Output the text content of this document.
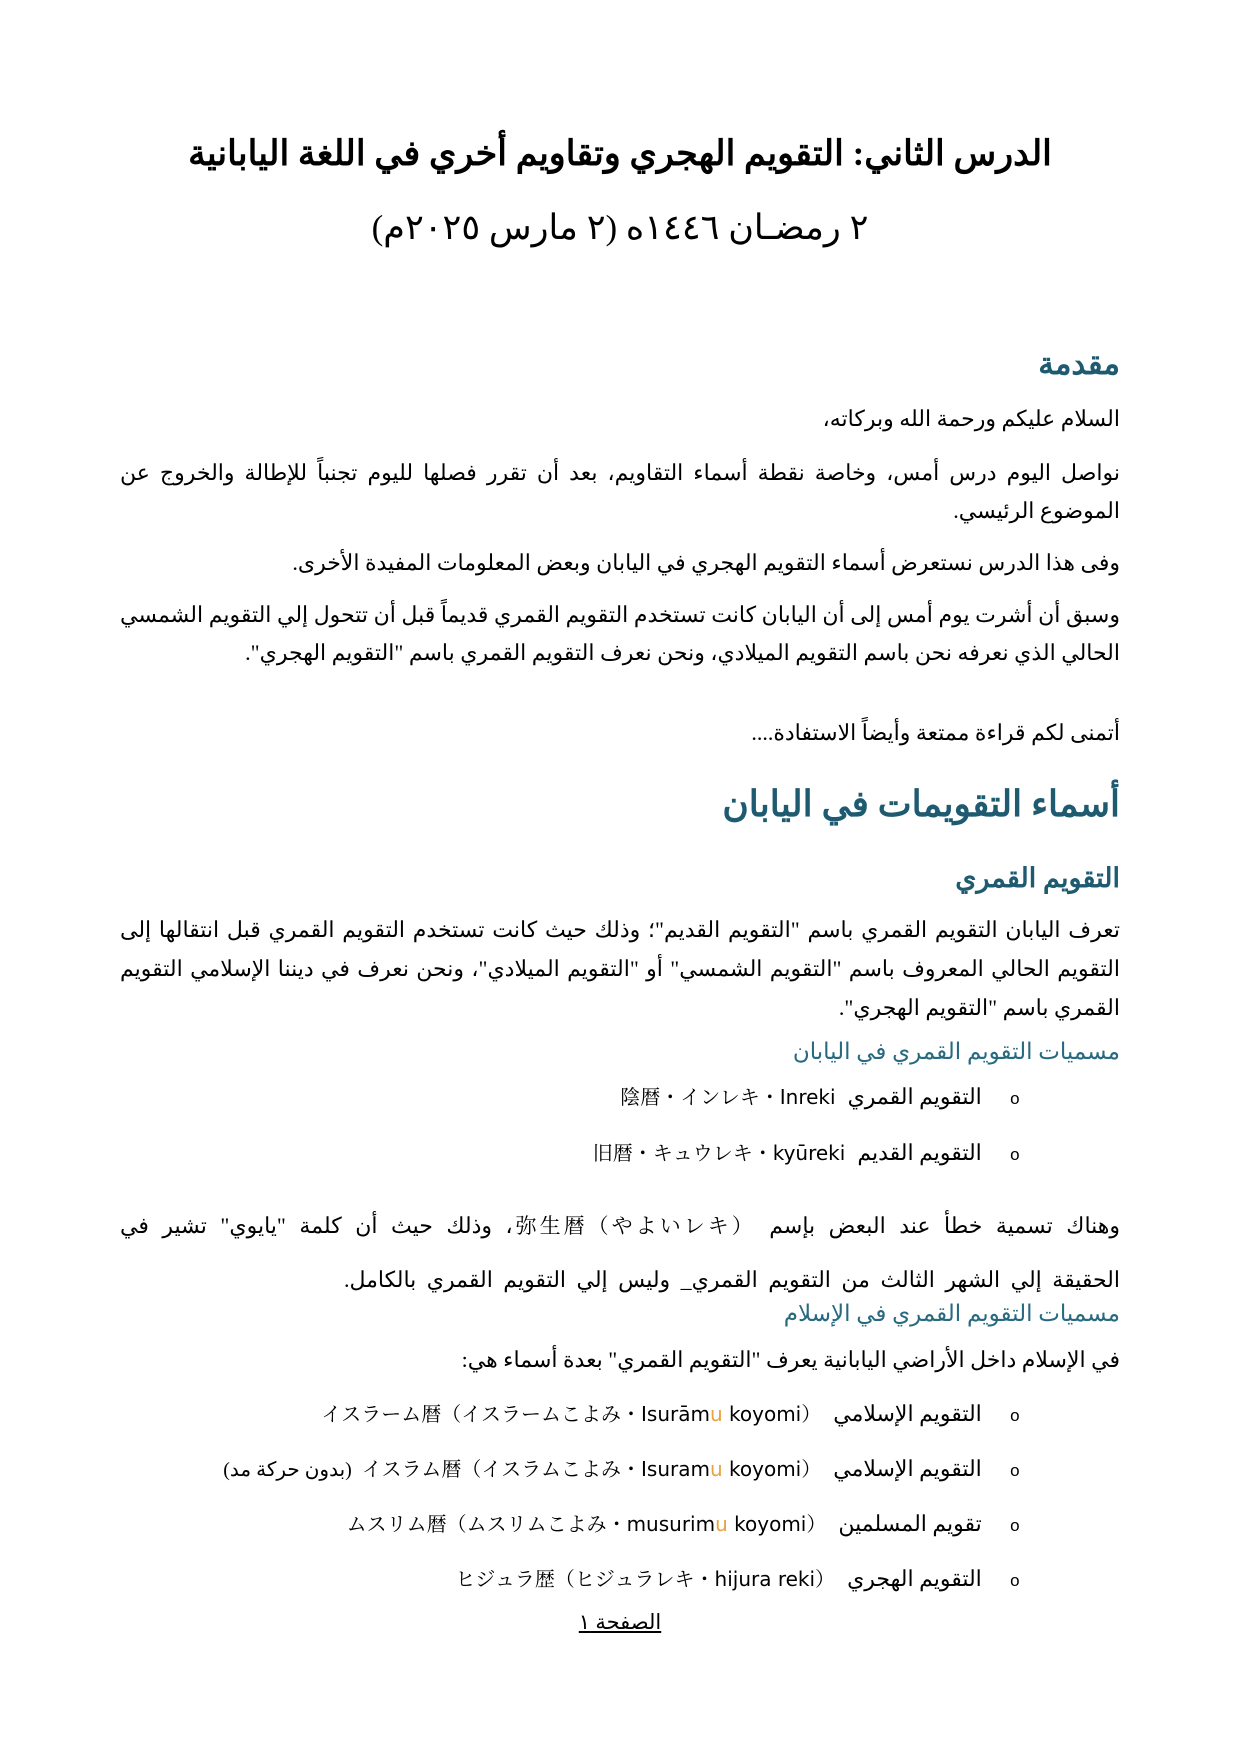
الدرس الثاني: التقويم الهجري وتقاويم أخري في اللغة اليابانية
٢ رمضـان ١٤٤٦ه (٢ مارس ٢٠٢٥م)
مقدمة

السلام عليكم ورحمة الله وبركاته،

نواصل اليوم درس أمس، وخاصة نقطة أسماء التقاويم، بعد أن تقرر فصلها لليوم تجنباً للإطالة والخروج عن الموضوع الرئيسي.

وفى هذا الدرس نستعرض أسماء التقويم الهجري في اليابان وبعض المعلومات المفيدة الأخرى.

وسبق أن أشرت يوم أمس إلى أن اليابان كانت تستخدم التقويم القمري قديماً قبل أن تتحول إلي التقويم الشمسي الحالي الذي نعرفه نحن باسم التقويم الميلادي، ونحن نعرف التقويم القمري باسم "التقويم الهجري".

أتمنى لكم قراءة ممتعة وأيضاً الاستفادة....

أسماء التقويمات في اليابان
التقويم القمري

تعرف اليابان التقويم القمري باسم "التقويم القديم"؛ وذلك حيث كانت تستخدم التقويم القمري قبل انتقالها إلى التقويم الحالي المعروف باسم "التقويم الشمسي" أو "التقويم الميلادي"، ونحن نعرف في ديننا الإسلامي التقويم القمري باسم "التقويم الهجري".

مسميات التقويم القمري في اليابان
oالتقويم القمري陰暦・インレキ・Inreki
oالتقويم القديم旧暦・キュウレキ・kyūreki

وهناك تسمية خطأ عند البعض بإسم 弥生暦（やよいレキ）، وذلك حيث أن كلمة "يايوي" تشير في الحقيقة إلي الشهر الثالث من التقويم القمري_ وليس إلي التقويم القمري بالكامل.

مسميات التقويم القمري في الإسلام

في الإسلام داخل الأراضي اليابانية يعرف "التقويم القمري" بعدة أسماء هي:

oالتقويم الإسلاميイスラーム暦（イスラームこよみ・Isurāmu koyomi）
oالتقويم الإسلاميイスラム暦（イスラムこよみ・Isuramu koyomi）(بدون حركة مد)
oتقويم المسلمينムスリム暦（ムスリムこよみ・musurimu koyomi）
oالتقويم الهجريヒジュラ歴（ヒジュラレキ・hijura reki）
الصفحة ١
